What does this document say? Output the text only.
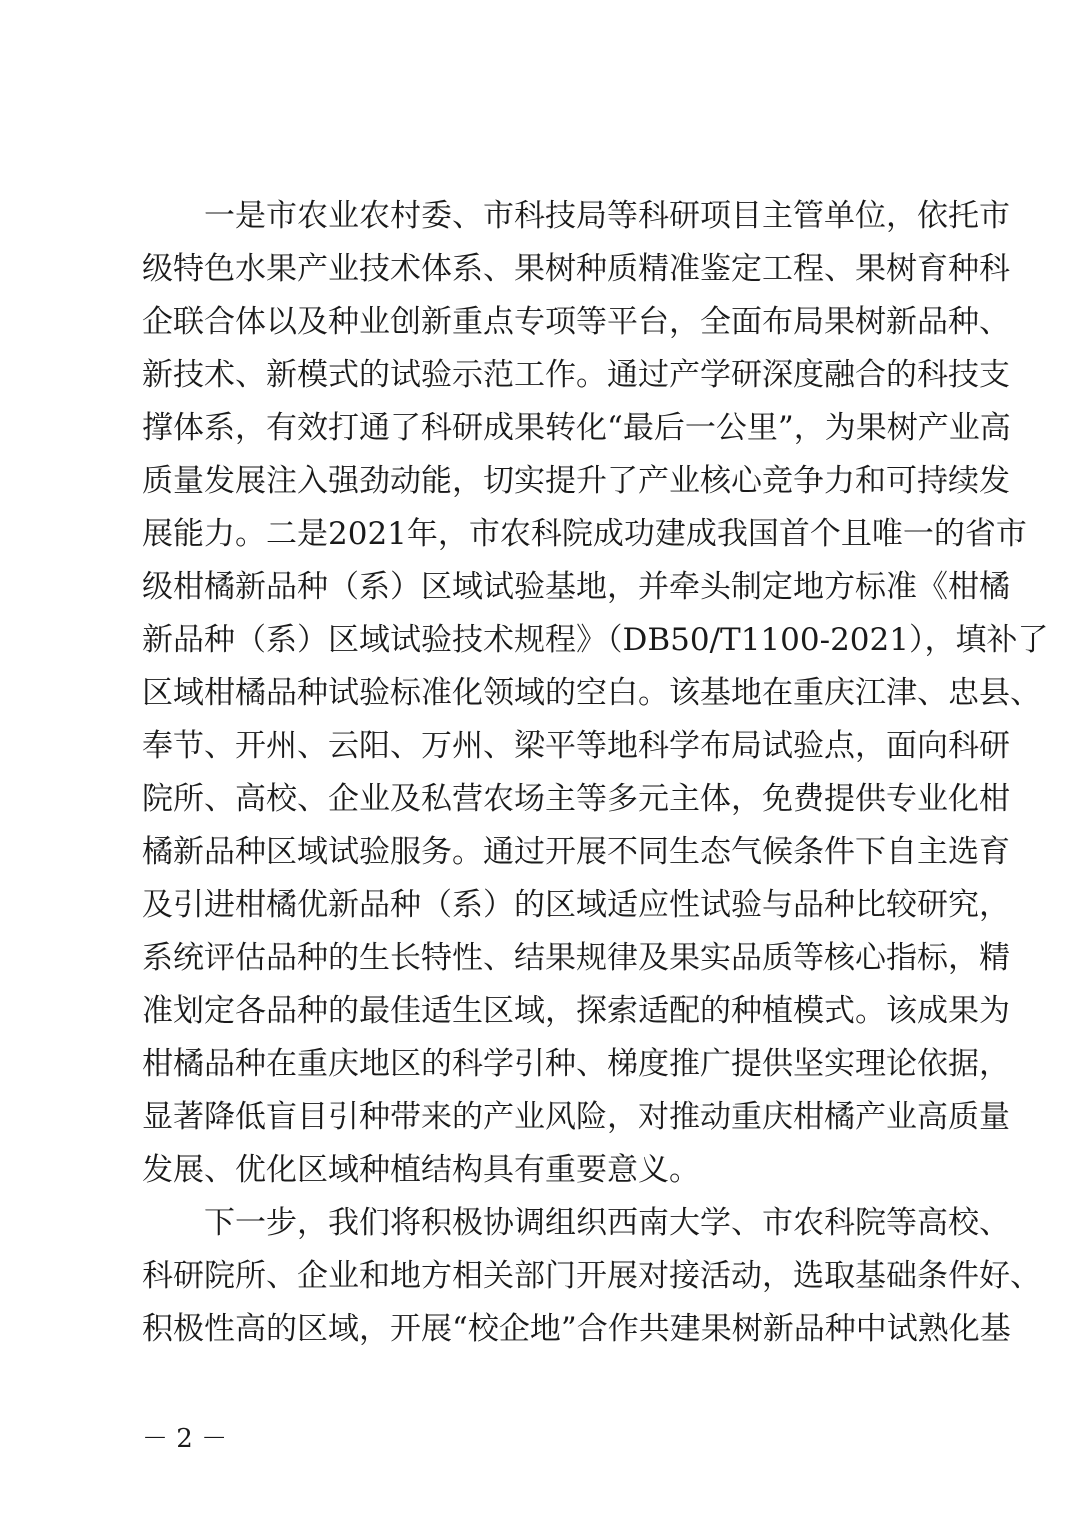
一是市农业农村委、市科技局等科研项目主管单位，依托市
级特色水果产业技术体系、果树种质精准鉴定工程、果树育种科
企联合体以及种业创新重点专项等平台，全面布局果树新品种、
新技术、新模式的试验示范工作。通过产学研深度融合的科技支
撑体系，有效打通了科研成果转化“最后一公里”，为果树产业高
质量发展注入强劲动能，切实提升了产业核心竞争力和可持续发
展能力。二是2021年，市农科院成功建成我国首个且唯一的省市
级柑橘新品种（系）区域试验基地，并牵头制定地方标准《柑橘
新品种（系）区域试验技术规程》（DB50/T1100-2021），填补了
区域柑橘品种试验标准化领域的空白。该基地在重庆江津、忠县、
奉节、开州、云阳、万州、梁平等地科学布局试验点，面向科研
院所、高校、企业及私营农场主等多元主体，免费提供专业化柑
橘新品种区域试验服务。通过开展不同生态气候条件下自主选育
及引进柑橘优新品种（系）的区域适应性试验与品种比较研究，
系统评估品种的生长特性、结果规律及果实品质等核心指标，精
准划定各品种的最佳适生区域，探索适配的种植模式。该成果为
柑橘品种在重庆地区的科学引种、梯度推广提供坚实理论依据，
显著降低盲目引种带来的产业风险，对推动重庆柑橘产业高质量
发展、优化区域种植结构具有重要意义。
下一步，我们将积极协调组织西南大学、市农科院等高校、
科研院所、企业和地方相关部门开展对接活动，选取基础条件好、
积极性高的区域，开展“校企地”合作共建果树新品种中试熟化基
－ 2 －
